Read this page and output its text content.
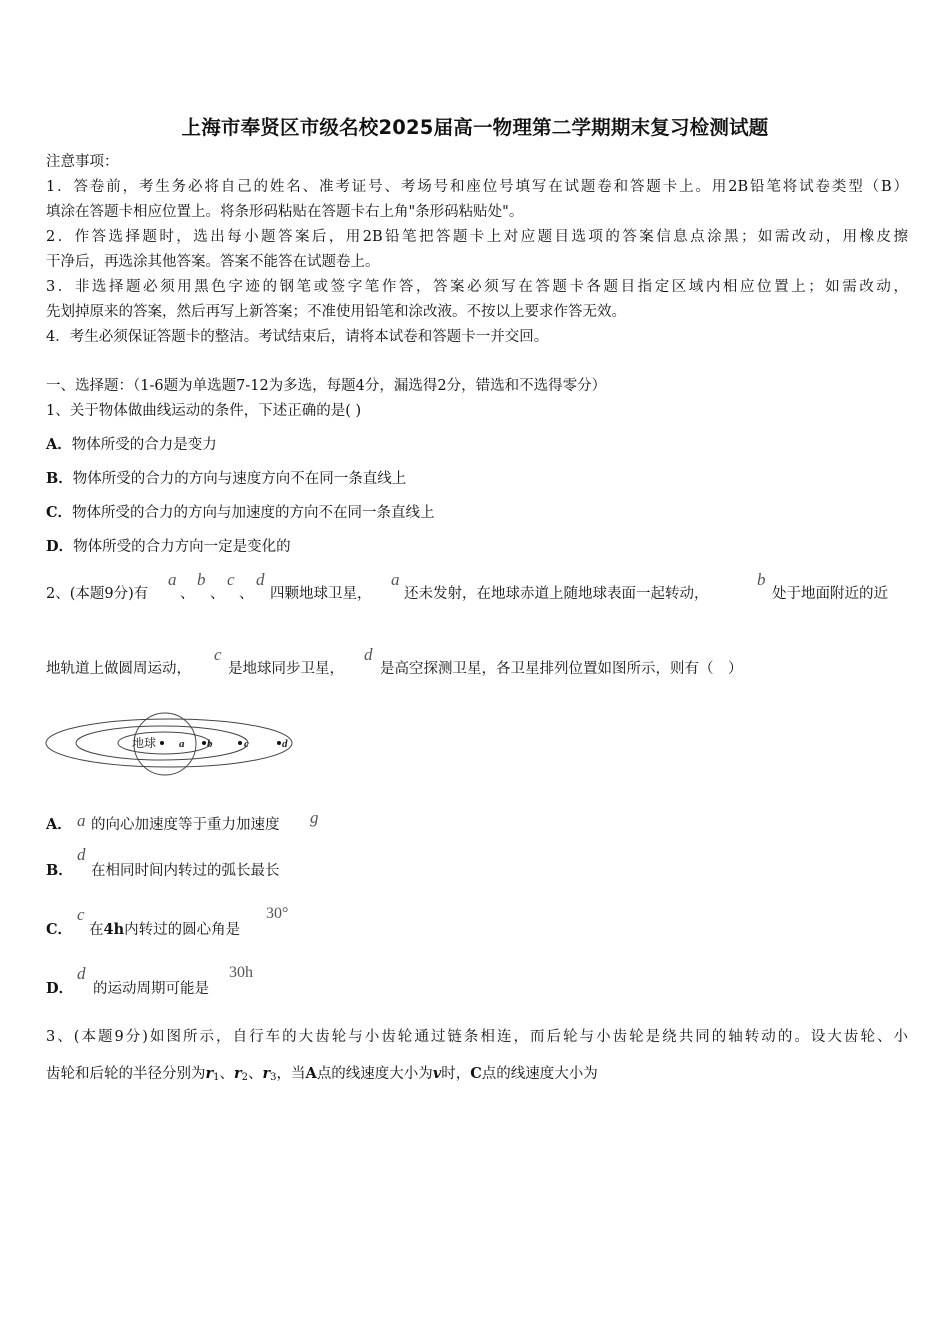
上海市奉贤区市级名校2025届高一物理第二学期期末复习检测试题
注意事项：
1．答卷前，考生务必将自己的姓名、准考证号、考场号和座位号填写在试题卷和答题卡上。用2B铅笔将试卷类型（B）
填涂在答题卡相应位置上。将条形码粘贴在答题卡右上角"条形码粘贴处"。
2．作答选择题时，选出每小题答案后，用2B铅笔把答题卡上对应题目选项的答案信息点涂黑；如需改动，用橡皮擦
干净后，再选涂其他答案。答案不能答在试题卷上。
3．非选择题必须用黑色字迹的钢笔或签字笔作答，答案必须写在答题卡各题目指定区域内相应位置上；如需改动，
先划掉原来的答案，然后再写上新答案；不准使用铅笔和涂改液。不按以上要求作答无效。
4．考生必须保证答题卡的整洁。考试结束后，请将本试卷和答题卡一并交回。
一、选择题：（1-6题为单选题7-12为多选，每题4分，漏选得2分，错选和不选得零分）
1、关于物体做曲线运动的条件，下述正确的是( )
A．物体所受的合力是变力
B．物体所受的合力的方向与速度方向不在同一条直线上
C．物体所受的合力的方向与加速度的方向不在同一条直线上
D．物体所受的合力方向一定是变化的
2、(本题9分)有
a
、
b
、
c
、
d
四颗地球卫星，
a
还未发射，在地球赤道上随地球表面一起转动，
b
处于地面附近的近
地轨道上做圆周运动，
c
是地球同步卫星，
d
是高空探测卫星，各卫星排列位置如图所示，则有（　）
地球 a b	c	d
A． a 的向心加速度等于重力加速度 g
B．
d
在相同时间内转过的弧长最长
C．
c
在4h内转过的圆心角是
30°
D．
d
的运动周期可能是
30h
3、(本题9分)如图所示，自行车的大齿轮与小齿轮通过链条相连，而后轮与小齿轮是绕共同的轴转动的。设大齿轮、小
齿轮和后轮的半径分别为$r_1$、$r_2$、$r_3$，当A点的线速度大小为v时，C点的线速度大小为
